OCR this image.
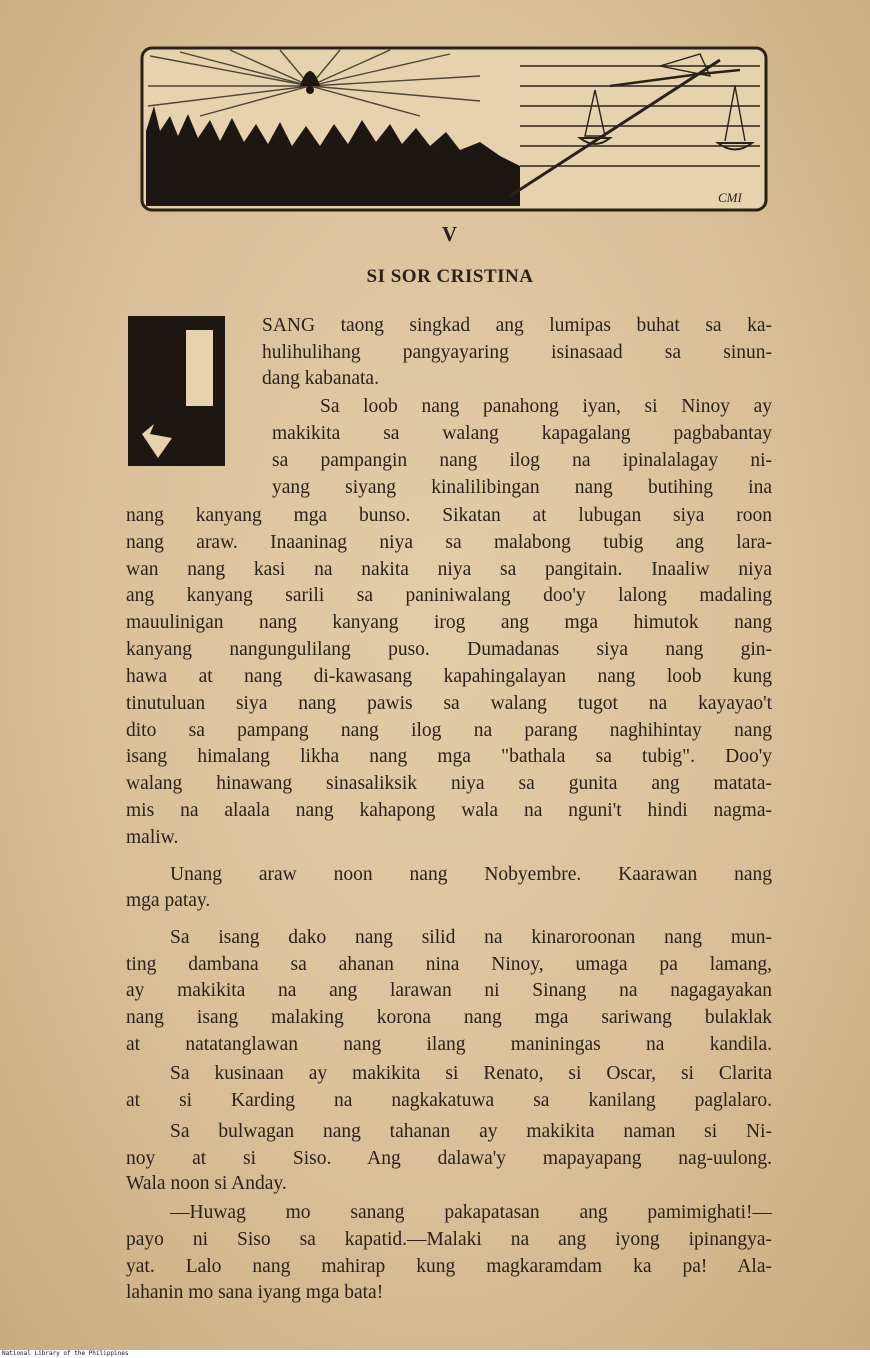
CMI
V
SI SOR CRISTINA
SANG taong singkad ang lumipas buhat sa ka-
hulihulihang pangyayaring isinasaad sa sinun-
dang kabanata.
Sa loob nang panahong iyan, si Ninoy ay
makikita sa walang kapagalang pagbabantay
sa pampangin nang ilog na ipinalalagay ni-
yang siyang kinalilibingan nang butihing ina
nang kanyang mga bunso. Sikatan at lubugan siya roon
nang araw. Inaaninag niya sa malabong tubig ang lara-
wan nang kasi na nakita niya sa pangitain. Inaaliw niya
ang kanyang sarili sa paniniwalang doo'y lalong madaling
mauulinigan nang kanyang irog ang mga himutok nang
kanyang nangungulilang puso. Dumadanas siya nang gin-
hawa at nang di-kawasang kapahingalayan nang loob kung
tinutuluan siya nang pawis sa walang tugot na kayayao't
dito sa pampang nang ilog na parang naghihintay nang
isang himalang likha nang mga "bathala sa tubig". Doo'y
walang hinawang sinasaliksik niya sa gunita ang matata-
mis na alaala nang kahapong wala na nguni't hindi nagma-
maliw.
Unang araw noon nang Nobyembre. Kaarawan nang
mga patay.
Sa isang dako nang silid na kinaroroonan nang mun-
ting dambana sa ahanan nina Ninoy, umaga pa lamang,
ay makikita na ang larawan ni Sinang na nagagayakan
nang isang malaking korona nang mga sariwang bulaklak
at natatanglawan nang ilang maniningas na kandila.
Sa kusinaan ay makikita si Renato, si Oscar, si Clarita
at si Karding na nagkakatuwa sa kanilang paglalaro.
Sa bulwagan nang tahanan ay makikita naman si Ni-
noy at si Siso. Ang dalawa'y mapayapang nag-uulong.
Wala noon si Anday.
—Huwag mo sanang pakapatasan ang pamimighati!—
payo ni Siso sa kapatid.—Malaki na ang iyong ipinangya-
yat. Lalo nang mahirap kung magkaramdam ka pa! Ala-
lahanin mo sana iyang mga bata!
National Library of the Philippines
